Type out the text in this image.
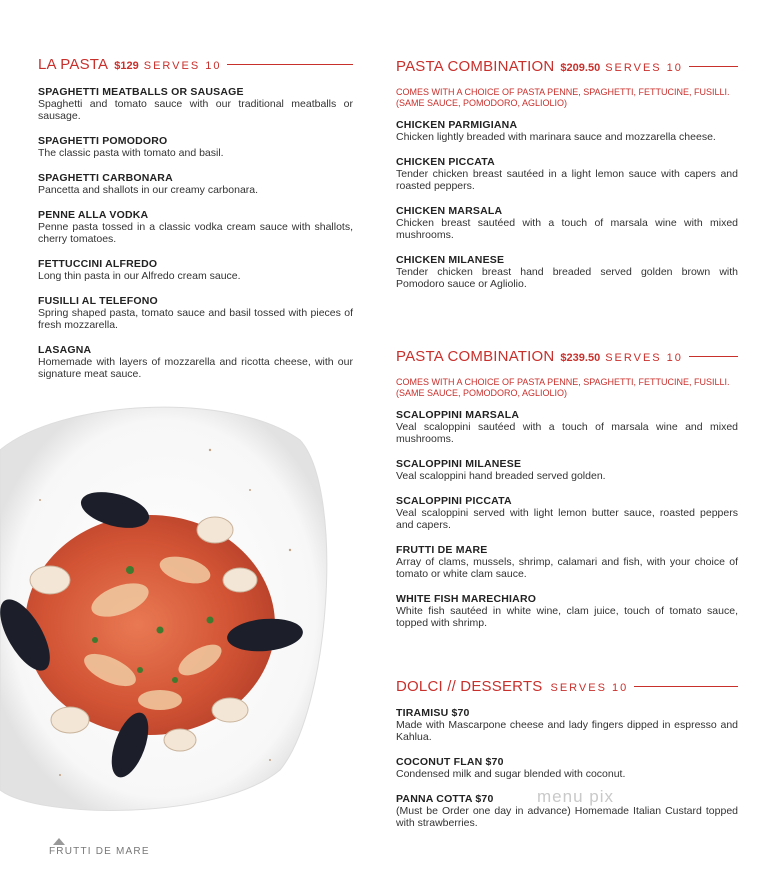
LA PASTA $129 SERVES 10
SPAGHETTI MEATBALLS OR SAUSAGE
Spaghetti and tomato sauce with our traditional meatballs or sausage.
SPAGHETTI POMODORO
The classic pasta with tomato and basil.
SPAGHETTI CARBONARA
Pancetta and shallots in our creamy carbonara.
PENNE ALLA VODKA
Penne pasta tossed in a classic vodka cream sauce with shallots, cherry tomatoes.
FETTUCCINI ALFREDO
Long thin pasta in our Alfredo cream sauce.
FUSILLI AL TELEFONO
Spring shaped pasta, tomato sauce and basil tossed with pieces of fresh mozzarella.
LASAGNA
Homemade with layers of mozzarella and ricotta cheese, with our signature meat sauce.
FRUTTI DE MARE
PASTA COMBINATION $209.50 SERVES 10
COMES WITH A CHOICE OF PASTA PENNE, SPAGHETTI, FETTUCINE, FUSILLI. (SAME SAUCE, POMODORO, AGLIOLIO)
CHICKEN PARMIGIANA
Chicken lightly breaded with marinara sauce and mozzarella cheese.
CHICKEN PICCATA
Tender chicken breast sautéed in a light lemon sauce with capers and roasted peppers.
CHICKEN MARSALA
Chicken breast sautéed with a touch of marsala wine with mixed mushrooms.
CHICKEN MILANESE
Tender chicken breast hand breaded served golden brown with Pomodoro sauce or Agliolio.
PASTA COMBINATION $239.50 SERVES 10
COMES WITH A CHOICE OF PASTA PENNE, SPAGHETTI, FETTUCINE, FUSILLI. (SAME SAUCE, POMODORO, AGLIOLIO)
SCALOPPINI MARSALA
Veal scaloppini sautéed with a touch of marsala wine and mixed mushrooms.
SCALOPPINI MILANESE
Veal scaloppini hand breaded served golden.
SCALOPPINI PICCATA
Veal scaloppini served with light lemon butter sauce, roasted peppers and capers.
FRUTTI DE MARE
Array of clams, mussels, shrimp, calamari and fish, with your choice of tomato or white clam sauce.
WHITE FISH MARECHIARO
White fish sautéed in white wine, clam juice, touch of tomato sauce, topped with shrimp.
DOLCI // DESSERTS SERVES 10
TIRAMISU $70
Made with Mascarpone cheese and lady fingers dipped in espresso and Kahlua.
COCONUT FLAN $70
Condensed milk and sugar blended with coconut.
PANNA COTTA $70
(Must be Order one day in advance) Homemade Italian Custard topped with strawberries.
menu pix
